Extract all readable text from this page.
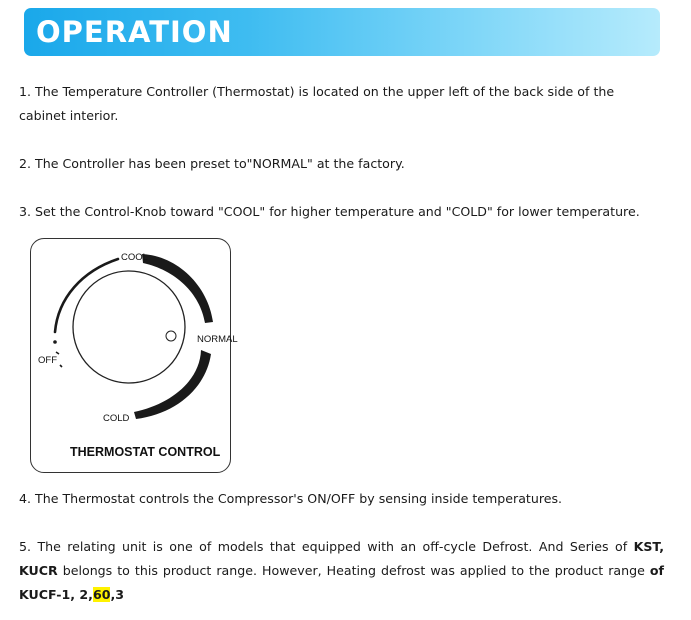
OPERATION
1. The Temperature Controller (Thermostat) is located on the upper left of the back side of the cabinet interior.
2. The Controller has been preset to"NORMAL" at the factory.
3. Set the Control-Knob toward "COOL" for higher temperature and "COLD" for lower temperature.
COOL
NORMAL
OFF
COLD
THERMOSTAT CONTROL
4. The Thermostat controls the Compressor's ON/OFF by sensing inside temperatures.
5. The relating unit is one of models that equipped with an off-cycle Defrost. And Series of KST, KUCR belongs to this product range. However, Heating defrost was applied to the product range of KUCF-1, 2,60,3
